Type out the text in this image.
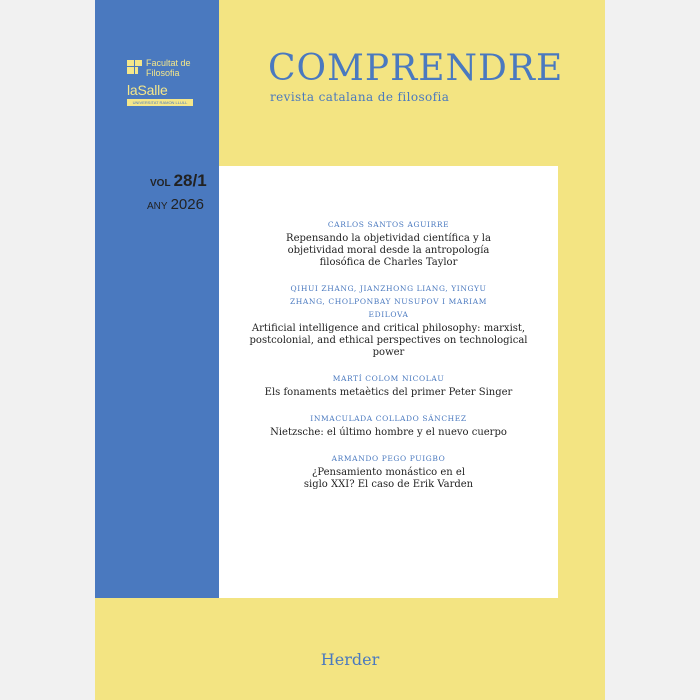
Facultat de Filosofia
laSalle
UNIVERSITAT RAMON LLULL
COMPRENDRE
revista catalana de filosofia
VOL 28/1
ANY 2026
CARLOS SANTOS AGUIRRE
Repensando la objetividad científica y la objetividad moral desde la antropología filosófica de Charles Taylor
QIHUI ZHANG, JIANZHONG LIANG, YINGYU ZHANG, CHOLPONBAY NUSUPOV I MARIAM EDILOVA
Artificial intelligence and critical philosophy: marxist, postcolonial, and ethical perspectives on technological power
MARTÍ COLOM NICOLAU
Els fonaments metaètics del primer Peter Singer
INMACULADA COLLADO SÁNCHEZ
Nietzsche: el último hombre y el nuevo cuerpo
ARMANDO PEGO PUIGBO
¿Pensamiento monástico en el siglo XXI? El caso de Erik Varden
Herder
